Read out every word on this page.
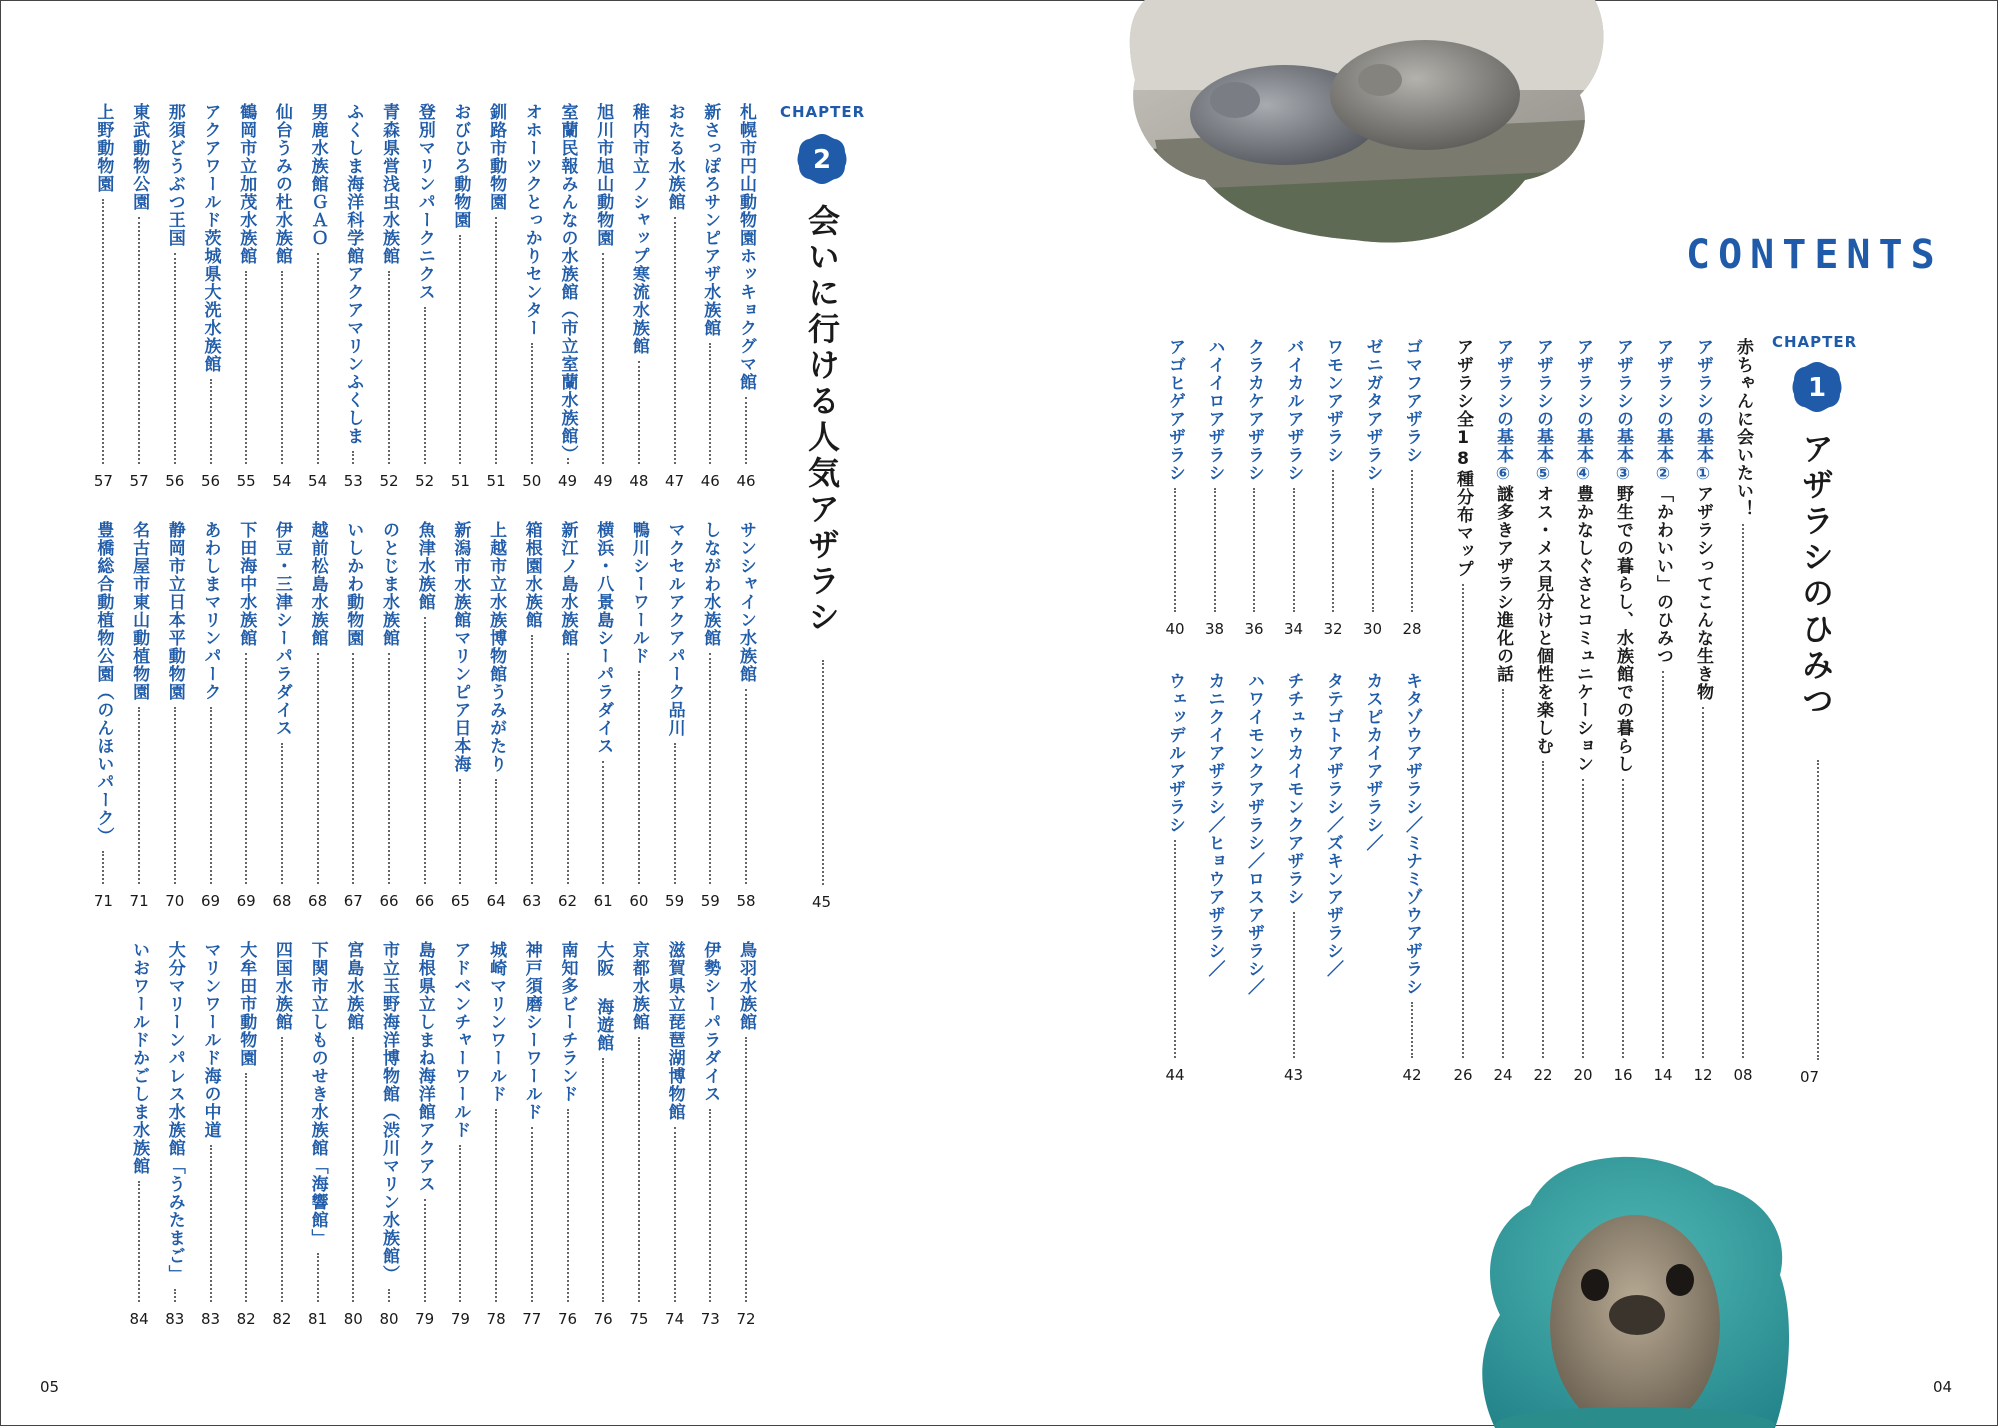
CONTENTS
CHAPTER
1
アザラシのひみつ
07
赤ちゃんに会いたい！
08
アザラシの基本①アザラシってこんな生き物
12
アザラシの基本②「かわいい」のひみつ
14
アザラシの基本③野生での暮らし、水族館での暮らし
16
アザラシの基本④豊かなしぐさとコミュニケーション
20
アザラシの基本⑤オス・メス見分けと個性を楽しむ
22
アザラシの基本⑥謎多きアザラシ進化の話
24
アザラシ全18種分布マップ
26
ゴマフアザラシ
28
ゼニガタアザラシ
30
ワモンアザラシ
32
バイカルアザラシ
34
クラカケアザラシ
36
ハイイロアザラシ
38
アゴヒゲアザラシ
40
キタゾウアザラシ／ミナミゾウアザラシ
42
カスピカイアザラシ／
タテゴトアザラシ／ズキンアザラシ／
チチュウカイモンクアザラシ
43
ハワイモンクアザラシ／ロスアザラシ／
カニクイアザラシ／ヒョウアザラシ／
ウェッデルアザラシ
44
CHAPTER
2
会いに行ける人気アザラシ
45
札幌市円山動物園ホッキョクグマ館
46
新さっぽろサンピアザ水族館
46
おたる水族館
47
稚内市立ノシャップ寒流水族館
48
旭川市旭山動物園
49
室蘭民報みんなの水族館（市立室蘭水族館）
49
オホーツクとっかりセンター
50
釧路市動物園
51
おびひろ動物園
51
登別マリンパークニクス
52
青森県営浅虫水族館
52
ふくしま海洋科学館アクアマリンふくしま
53
男鹿水族館ＧＡＯ
54
仙台うみの杜水族館
54
鶴岡市立加茂水族館
55
アクアワールド茨城県大洗水族館
56
那須どうぶつ王国
56
東武動物公園
57
上野動物園
57
サンシャイン水族館
58
しながわ水族館
59
マクセルアクアパーク品川
59
鴨川シーワールド
60
横浜・八景島シーパラダイス
61
新江ノ島水族館
62
箱根園水族館
63
上越市立水族博物館うみがたり
64
新潟市水族館マリンピア日本海
65
魚津水族館
66
のとじま水族館
66
いしかわ動物園
67
越前松島水族館
68
伊豆・三津シーパラダイス
68
下田海中水族館
69
あわしまマリンパーク
69
静岡市立日本平動物園
70
名古屋市東山動植物園
71
豊橋総合動植物公園（のんほいパーク）
71
鳥羽水族館
72
伊勢シーパラダイス
73
滋賀県立琵琶湖博物館
74
京都水族館
75
大阪 海遊館
76
南知多ビーチランド
76
神戸須磨シーワールド
77
城崎マリンワールド
78
アドベンチャーワールド
79
島根県立しまね海洋館アクアス
79
市立玉野海洋博物館（渋川マリン水族館）
80
宮島水族館
80
下関市立しものせき水族館「海響館」
81
四国水族館
82
大牟田市動物園
82
マリンワールド海の中道
83
大分マリーンパレス水族館「うみたまご」
83
いおワールドかごしま水族館
84
05	04
